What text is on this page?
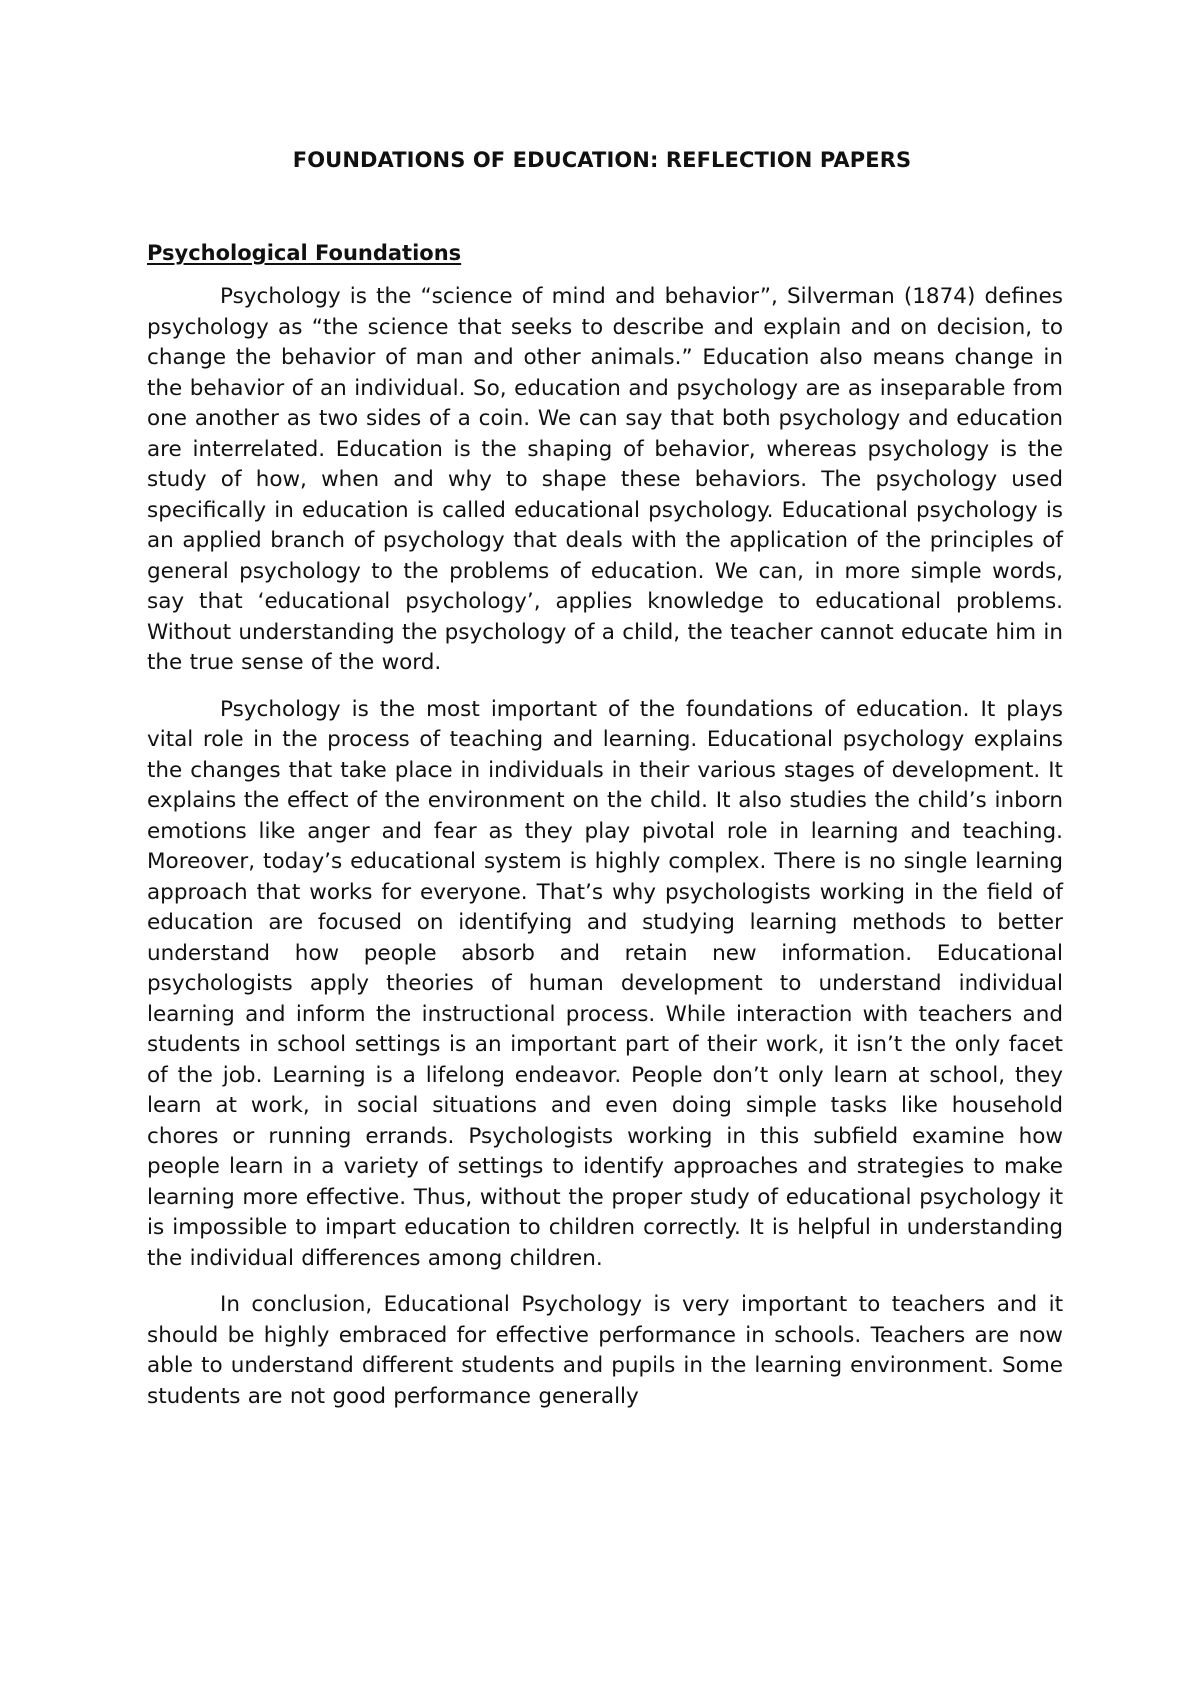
FOUNDATIONS OF EDUCATION: REFLECTION PAPERS
Psychological Foundations

Psychology is the “science of mind and behavior”, Silverman (1874) defines psychology as “the science that seeks to describe and explain and on decision, to change the behavior of man and other animals.” Education also means change in the behavior of an individual. So, education and psychology are as inseparable from one another as two sides of a coin. We can say that both psychology and education are interrelated. Education is the shaping of behavior, whereas psychology is the study of how, when and why to shape these behaviors. The psychology used specifically in education is called educational psychology. Educational psychology is an applied branch of psychology that deals with the application of the principles of general psychology to the problems of education. We can, in more simple words, say that ‘educational psychology’, applies knowledge to educational problems. Without understanding the psychology of a child, the teacher cannot educate him in the true sense of the word.

Psychology is the most important of the foundations of education. It plays vital role in the process of teaching and learning. Educational psychology explains the changes that take place in individuals in their various stages of development. It explains the effect of the environment on the child. It also studies the child’s inborn emotions like anger and fear as they play pivotal role in learning and teaching. Moreover, today’s educational system is highly complex. There is no single learning approach that works for everyone. That’s why psychologists working in the field of education are focused on identifying and studying learning methods to better understand how people absorb and retain new information. Educational psychologists apply theories of human development to understand individual learning and inform the instructional process. While interaction with teachers and students in school settings is an important part of their work, it isn’t the only facet of the job. Learning is a lifelong endeavor. People don’t only learn at school, they learn at work, in social situations and even doing simple tasks like household chores or running errands. Psychologists working in this subfield examine how people learn in a variety of settings to identify approaches and strategies to make learning more effective. Thus, without the proper study of educational psychology it is impossible to impart education to children correctly. It is helpful in understanding the individual differences among children.

In conclusion, Educational Psychology is very important to teachers and it should be highly embraced for effective performance in schools. Teachers are now able to understand different students and pupils in the learning environment. Some students are not good performance generally
